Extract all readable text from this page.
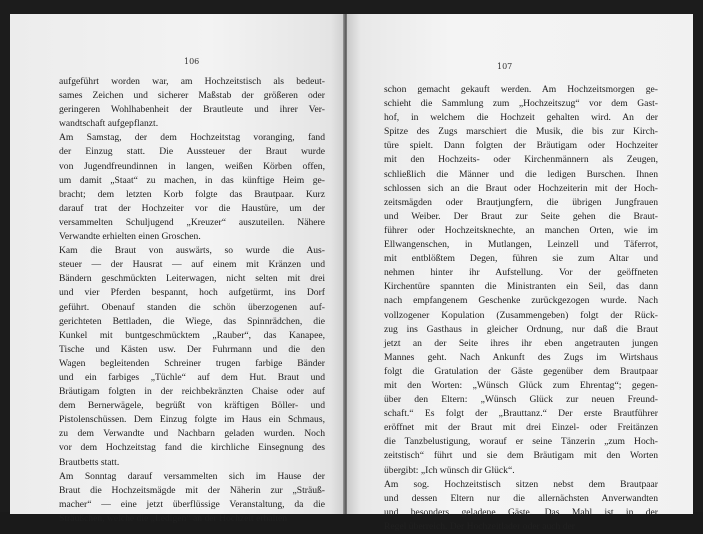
106
aufgeführt worden war, am Hochzeitstisch als bedeut-
sames Zeichen und sicherer Maßstab der größeren oder
geringeren Wohlhabenheit der Brautleute und ihrer Ver-
wandtschaft aufgepflanzt.
Am Samstag, der dem Hochzeitstag voranging, fand
der Einzug statt. Die Aussteuer der Braut wurde
von Jugendfreundinnen in langen, weißen Körben offen,
um damit „Staat“ zu machen, in das künftige Heim ge-
bracht; dem letzten Korb folgte das Brautpaar. Kurz
darauf trat der Hochzeiter vor die Haustüre, um der
versammelten Schuljugend „Kreuzer“ auszuteilen. Nähere
Verwandte erhielten einen Groschen.
Kam die Braut von auswärts, so wurde die Aus-
steuer — der Hausrat — auf einem mit Kränzen und
Bändern geschmückten Leiterwagen, nicht selten mit drei
und vier Pferden bespannt, hoch aufgetürmt, ins Dorf
geführt. Obenauf standen die schön überzogenen auf-
gerichteten Bettladen, die Wiege, das Spinnrädchen, die
Kunkel mit buntgeschmücktem „Rauber“, das Kanapee,
Tische und Kästen usw. Der Fuhrmann und die den
Wagen begleitenden Schreiner trugen farbige Bänder
und ein farbiges „Tüchle“ auf dem Hut. Braut und
Bräutigam folgten in der reichbekränzten Chaise oder auf
dem Bernerwägele, begrüßt von kräftigen Böller- und
Pistolenschüssen. Dem Einzug folgte im Haus ein Schmaus,
zu dem Verwandte und Nachbarn geladen wurden. Noch
vor dem Hochzeitstag fand die kirchliche Einsegnung des
Brautbetts statt.
Am Sonntag darauf versammelten sich im Hause der
Braut die Hochzeitsmägde mit der Näherin zur „Sträuß-
macher“ — eine jetzt überflüssige Veranstaltung, da die
Sträußchen, welche die „Ledigen“ an der Hochzeit erhalten
107
schon gemacht gekauft werden. Am Hochzeitsmorgen ge-
schieht die Sammlung zum „Hochzeitszug“ vor dem Gast-
hof, in welchem die Hochzeit gehalten wird. An der
Spitze des Zugs marschiert die Musik, die bis zur Kirch-
türe spielt. Dann folgten der Bräutigam oder Hochzeiter
mit den Hochzeits- oder Kirchenmännern als Zeugen,
schließlich die Männer und die ledigen Burschen. Ihnen
schlossen sich an die Braut oder Hochzeiterin mit der Hoch-
zeitsmägden oder Brautjungfern, die übrigen Jungfrauen
und Weiber. Der Braut zur Seite gehen die Braut-
führer oder Hochzeitsknechte, an manchen Orten, wie im
Ellwangenschen, in Mutlangen, Leinzell und Täferrot,
mit entblößtem Degen, führen sie zum Altar und
nehmen hinter ihr Aufstellung. Vor der geöffneten
Kirchentüre spannten die Ministranten ein Seil, das dann
nach empfangenem Geschenke zurückgezogen wurde. Nach
vollzogener Kopulation (Zusammengeben) folgt der Rück-
zug ins Gasthaus in gleicher Ordnung, nur daß die Braut
jetzt an der Seite ihres ihr eben angetrauten jungen
Mannes geht. Nach Ankunft des Zugs im Wirtshaus
folgt die Gratulation der Gäste gegenüber dem Brautpaar
mit den Worten: „Wünsch Glück zum Ehrentag“; gegen-
über den Eltern: „Wünsch Glück zur neuen Freund-
schaft.“ Es folgt der „Brauttanz.“ Der erste Brautführer
eröffnet mit der Braut mit drei Einzel- oder Freitänzen
die Tanzbelustigung, worauf er seine Tänzerin „zum Hoch-
zeitstisch“ führt und sie dem Bräutigam mit den Worten
übergibt: „Ich wünsch dir Glück“.
Am sog. Hochzeitstisch sitzen nebst dem Brautpaar
und dessen Eltern nur die allernächsten Anverwandten
und besonders geladene Gäste. Das Mahl ist in der
Regel überreich. Der Hochzeitlader oder auch der
